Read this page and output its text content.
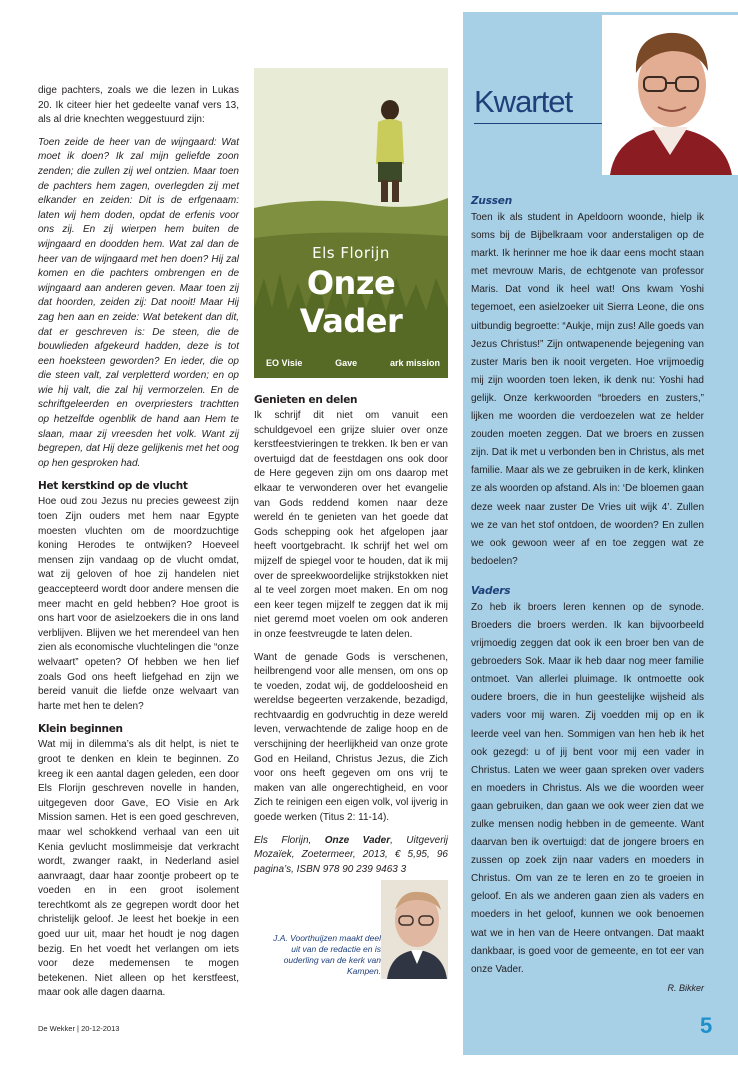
dige pachters, zoals we die lezen in Lukas 20. Ik citeer hier het gedeelte vanaf vers 13, als al drie knechten weggestuurd zijn:

Toen zeide de heer van de wijngaard: Wat moet ik doen? Ik zal mijn geliefde zoon zenden; die zullen zij wel ontzien. Maar toen de pachters hem zagen, overlegden zij met elkander en zeiden: Dit is de erfgenaam: laten wij hem doden, opdat de erfenis voor ons zij. En zij wierpen hem buiten de wijngaard en doodden hem. Wat zal dan de heer van de wijngaard met hen doen? Hij zal komen en die pachters ombrengen en de wijngaard aan anderen geven. Maar toen zij dat hoorden, zeiden zij: Dat nooit! Maar Hij zag hen aan en zeide: Wat betekent dan dit, dat er geschreven is: De steen, die de bouwlieden afgekeurd hadden, deze is tot een hoeksteen geworden? En ieder, die op die steen valt, zal verpletterd worden; en op wie hij valt, die zal hij vermorzelen. En de schriftgeleerden en overpriesters trachtten op hetzelfde ogenblik de hand aan Hem te slaan, maar zij vreesden het volk. Want zij begrepen, dat Hij deze gelijkenis met het oog op hen gesproken had.

Het kerstkind op de vlucht

Hoe oud zou Jezus nu precies geweest zijn toen Zijn ouders met hem naar Egypte moesten vluchten om de moordzuchtige koning Herodes te ontwijken? Hoeveel mensen zijn vandaag op de vlucht omdat, wat zij geloven of hoe zij handelen niet geaccepteerd wordt door andere mensen die meer macht en geld hebben? Hoe groot is ons hart voor de asielzoekers die in ons land verblijven. Blijven we het merendeel van hen zien als economische vluchtelingen die “onze welvaart” opeten? Of hebben we hen lief zoals God ons heeft liefgehad en zijn we bereid vanuit die liefde onze welvaart van harte met hen te delen?

Klein beginnen

Wat mij in dilemma’s als dit helpt, is niet te groot te denken en klein te beginnen. Zo kreeg ik een aantal dagen geleden, een door Els Florijn geschreven novelle in handen, uitgegeven door Gave, EO Visie en Ark Mission samen. Het is een goed geschreven, maar wel schokkend verhaal van een uit Kenia gevlucht moslimmeisje dat verkracht wordt, zwanger raakt, in Nederland asiel aanvraagt, daar haar zoontje probeert op te voeden en in een groot isolement terechtkomt als ze gegrepen wordt door het christelijk geloof. Je leest het boekje in een goed uur uit, maar het houdt je nog dagen bezig. En het voedt het verlangen om iets voor deze medemensen te mogen betekenen. Niet alleen op het kerstfeest, maar ook alle dagen daarna.

Els Florijn
Onze Vader
EO Visie	Gave	ark mission
Genieten en delen

Ik schrijf dit niet om vanuit een schuldgevoel een grijze sluier over onze kerstfeestvieringen te trekken. Ik ben er van overtuigd dat de feestdagen ons ook door de Here gegeven zijn om ons daarop met elkaar te verwonderen over het evangelie van Gods reddend komen naar deze wereld én te genieten van het goede dat Gods schepping ook het afgelopen jaar heeft voortgebracht. Ik schrijf het wel om mijzelf de spiegel voor te houden, dat ik mij over de spreekwoordelijke strijkstokken niet al te veel zorgen moet maken. En om nog een keer tegen mijzelf te zeggen dat ik mij niet geremd moet voelen om ook anderen in onze feestvreugde te laten delen.

Want de genade Gods is verschenen, heilbrengend voor alle mensen, om ons op te voeden, zodat wij, de goddeloosheid en wereldse begeerten verzakende, bezadigd, rechtvaardig en godvruchtig in deze wereld leven, verwachtende de zalige hoop en de verschijning der heerlijkheid van onze grote God en Heiland, Christus Jezus, die Zich voor ons heeft gegeven om ons vrij te maken van alle ongerechtigheid, en voor Zich te reinigen een eigen volk, vol ijverig in goede werken (Titus 2: 11-14).

Els Florijn, Onze Vader, Uitgeverij Mozaïek, Zoetermeer, 2013, € 5,95, 96 pagina’s, ISBN 978 90 239 9463 3

J.A. Voorthuijzen maakt deel uit van de redactie en is ouderling van de kerk van Kampen.
Kwartet
Zussen

Toen ik als student in Apeldoorn woonde, hielp ik soms bij de Bijbelkraam voor anderstaligen op de markt. Ik herinner me hoe ik daar eens mocht staan met mevrouw Maris, de echtgenote van professor Maris. Dat vond ik heel wat! Ons kwam Yoshi tegemoet, een asielzoeker uit Sierra Leone, die ons uitbundig begroette: “Aukje, mijn zus! Alle goeds van Jezus Christus!” Zijn ontwapenende bejegening van zuster Maris ben ik nooit vergeten. Hoe vrijmoedig mij zijn woorden toen leken, ik denk nu: Yoshi had gelijk. Onze kerkwoorden “broeders en zusters,” lijken me woorden die verdoezelen wat ze helder zouden moeten zeggen. Dat we broers en zussen zijn. Dat ik met u verbonden ben in Christus, als met familie. Maar als we ze gebruiken in de kerk, klinken ze als woorden op afstand. Als in: ‘De bloemen gaan deze week naar zuster De Vries uit wijk 4’. Zullen we ze van het stof ontdoen, de woorden? En zullen we ook gewoon weer af en toe zeggen wat ze bedoelen?

Vaders

Zo heb ik broers leren kennen op de synode. Broeders die broers werden. Ik kan bijvoorbeeld vrijmoedig zeggen dat ook ik een broer ben van de gebroeders Sok. Maar ik heb daar nog meer familie ontmoet. Van allerlei pluimage. Ik ontmoette ook oudere broers, die in hun geestelijke wijsheid als vaders voor mij waren. Zij voedden mij op en ik leerde veel van hen. Sommigen van hen heb ik het ook gezegd: u of jij bent voor mij een vader in Christus. Laten we weer gaan spreken over vaders en moeders in Christus. Als we die woorden weer gaan gebruiken, dan gaan we ook weer zien dat we zulke mensen nodig hebben in de gemeente. Want daarvan ben ik overtuigd: dat de jongere broers en zussen op zoek zijn naar vaders en moeders in Christus. Om van ze te leren en zo te groeien in geloof. En als we anderen gaan zien als vaders en moeders in het geloof, kunnen we ook benoemen wat we in hen van de Heere ontvangen. Dat maakt dankbaar, is goed voor de gemeente, en tot eer van onze Vader.

R. Bikker
De Wekker | 20-12-2013	5
